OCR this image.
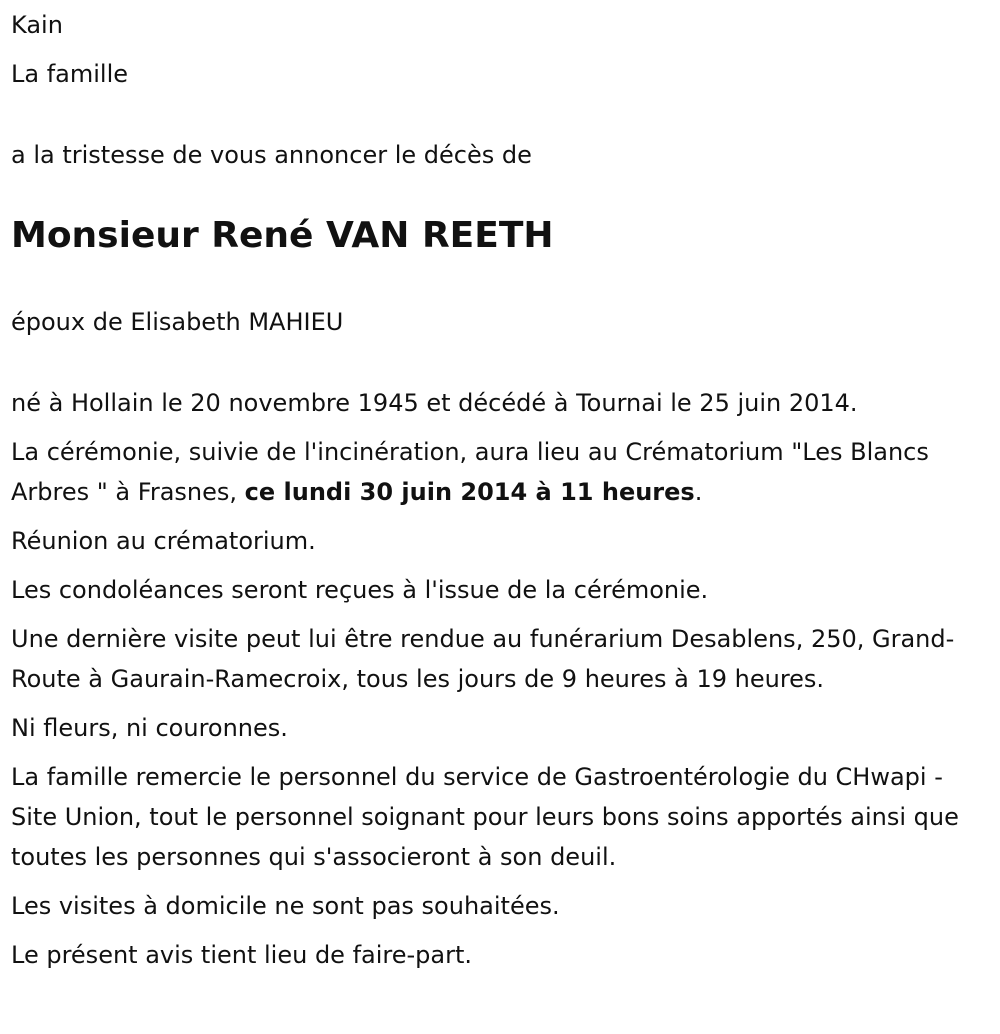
Kain

La famille

a la tristesse de vous annoncer le décès de

Monsieur René VAN REETH

époux de Elisabeth MAHIEU

né à Hollain le 20 novembre 1945 et décédé à Tournai le 25 juin 2014.

La cérémonie, suivie de l'incinération, aura lieu au Crématorium "Les Blancs Arbres " à Frasnes, ce lundi 30 juin 2014 à 11 heures.

Réunion au crématorium.

Les condoléances seront reçues à l'issue de la cérémonie.

Une dernière visite peut lui être rendue au funérarium Desablens, 250, Grand-Route à Gaurain-Ramecroix, tous les jours de 9 heures à 19 heures.

Ni fleurs, ni couronnes.

La famille remercie le personnel du service de Gastroentérologie du CHwapi - Site Union, tout le personnel soignant pour leurs bons soins apportés ainsi que toutes les personnes qui s'associeront à son deuil.

Les visites à domicile ne sont pas souhaitées.

Le présent avis tient lieu de faire-part.
